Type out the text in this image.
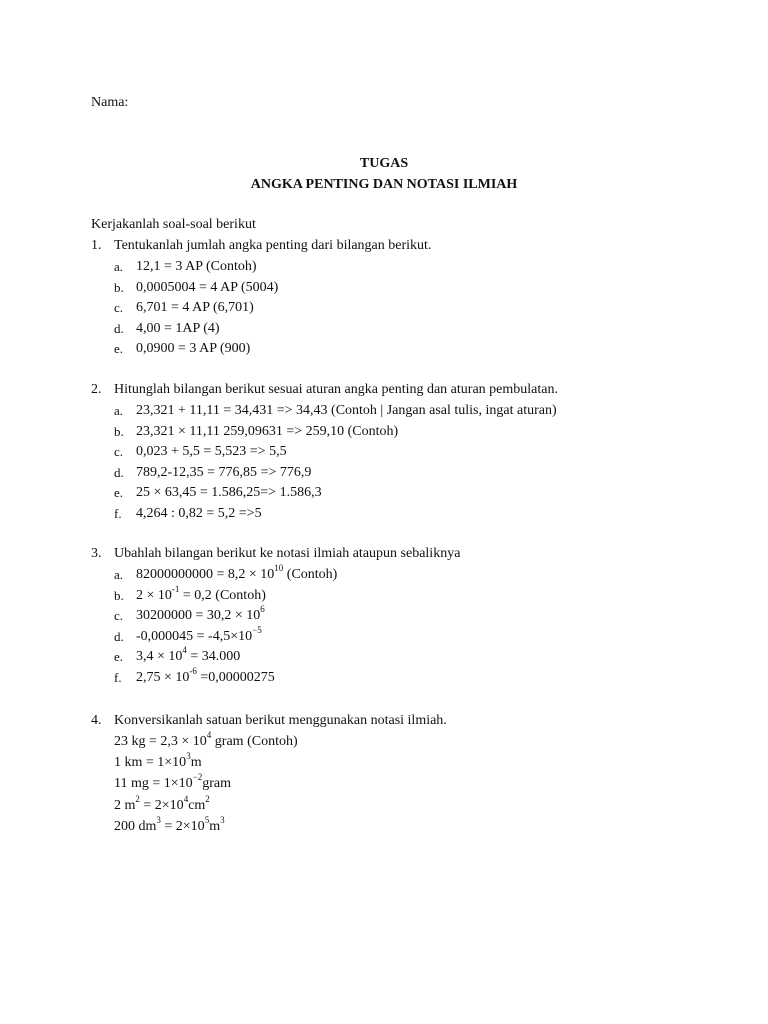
Nama:
TUGAS
ANGKA PENTING DAN NOTASI ILMIAH
Kerjakanlah soal-soal berikut
1. Tentukanlah jumlah angka penting dari bilangan berikut.
a. 12,1 = 3 AP (Contoh)
b. 0,0005004 = 4 AP (5004)
c. 6,701 = 4 AP (6,701)
d. 4,00 = 1AP (4)
e. 0,0900 = 3 AP (900)
2. Hitunglah bilangan berikut sesuai aturan angka penting dan aturan pembulatan.
a. 23,321 + 11,11 = 34,431 => 34,43 (Contoh | Jangan asal tulis, ingat aturan)
b. 23,321 × 11,11 259,09631 => 259,10 (Contoh)
c. 0,023 + 5,5 = 5,523 => 5,5
d. 789,2-12,35 = 776,85 => 776,9
e. 25 × 63,45 = 1.586,25=> 1.586,3
f. 4,264 : 0,82 = 5,2 =>5
3. Ubahlah bilangan berikut ke notasi ilmiah ataupun sebaliknya
a. $82000000000 = 8,2 \times 10^{10}$ (Contoh)
b. $2 \times 10^{-1} = 0,2$ (Contoh)
c. $30200000 = 30,2 \times 10^6$
d. $-0,000045 = -4,5\times 10^{-5}$
e. $3,4 \times 10^4 = 34.000$
f. $2,75 \times 10^{-6} =0,00000275$
4. Konversikanlah satuan berikut menggunakan notasi ilmiah.
23 kg = $2,3 \times 10^4$ gram (Contoh)
1 km = $1\times 10^3m$
11 mg = $1\times 10^{-2}gram$
2 $m^2 = 2\times 10^4cm^2$
200 $dm^3 = 2\times 10^5m^3$
